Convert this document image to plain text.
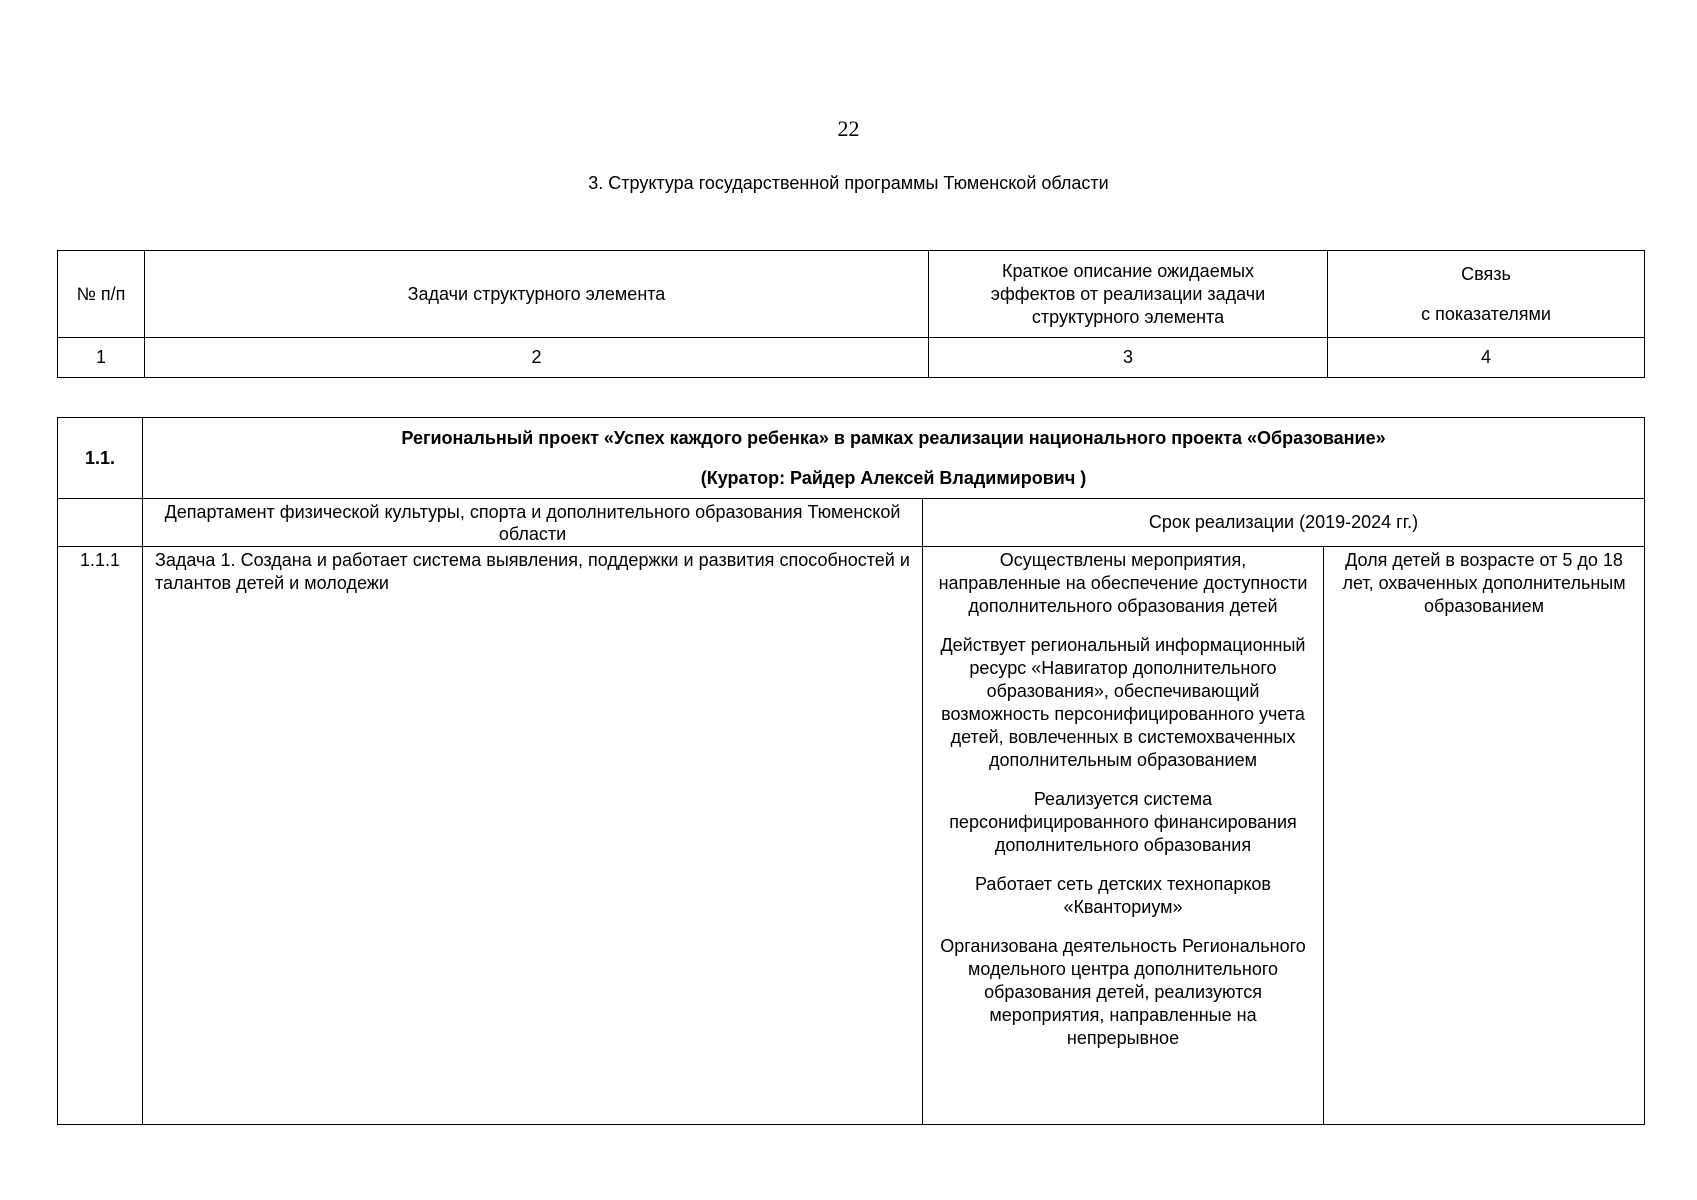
22
3. Структура государственной программы Тюменской области
№ п/п	Задачи структурного элемента	Краткое описание ожидаемых эффектов от реализации задачи структурного элемента	Связь

с показателями

1	2	3	4
1.1.	Региональный проект «Успех каждого ребенка» в рамках реализации национального проекта «Образование»

(Куратор: Райдер Алексей Владимирович )		

	Департамент физической культуры, спорта и дополнительного образования Тюменской области	Срок реализации (2019-2024 гг.)	
1.1.1	Задача 1. Создана и работает система выявления, поддержки и развития способностей и талантов детей и молодежи	Осуществлены мероприятия, направленные на обеспечение доступности дополнительного образования детей

Действует региональный информационный ресурс «Навигатор дополнительного образования», обеспечивающий возможность персонифицированного учета детей, вовлеченных в системохваченных дополнительным образованием

Реализуется система персонифицированного финансирования дополнительного образования

Работает сеть детских технопарков «Кванториум»

Организована деятельность Регионального модельного центра дополнительного образования детей, реализуются мероприятия, направленные на непрерывное	Доля детей в возрасте от 5 до 18 лет, охваченных дополнительным образованием
